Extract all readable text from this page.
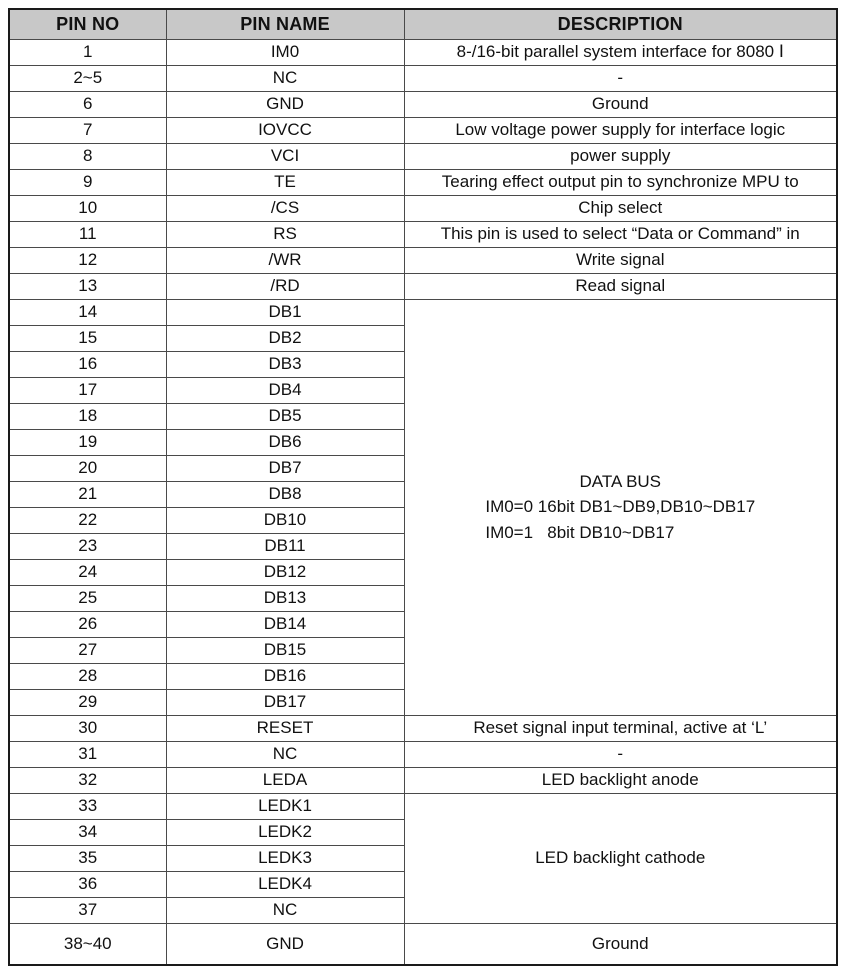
PIN NO	PIN NAME	DESCRIPTION
1	IM0	8-/16-bit parallel system interface for 8080 Ⅰ
2~5	NC	-
6	GND	Ground
7	IOVCC	Low voltage power supply for interface logic
8	VCI	power supply
9	TE	Tearing effect output pin to synchronize MPU to
10	/CS	Chip select
11	RS	This pin is used to select “Data or Command” in
12	/WR	Write signal
13	/RD	Read signal
14	DB1	DATA BUS
IM0=0 16bit DB1~DB9,DB10~DB17
IM0=1   8bit DB10~DB17

15	DB2	
16	DB3	
17	DB4	
18	DB5	
19	DB6	
20	DB7	
21	DB8	
22	DB10	
23	DB11	
24	DB12	
25	DB13	
26	DB14	
27	DB15	
28	DB16	
29	DB17	
30	RESET	Reset signal input terminal, active at ‘L’
31	NC	-
32	LEDA	LED backlight anode
33	LEDK1	LED backlight cathode

34	LEDK2	
35	LEDK3	
36	LEDK4	
37	NC	
38~40	GND	Ground
